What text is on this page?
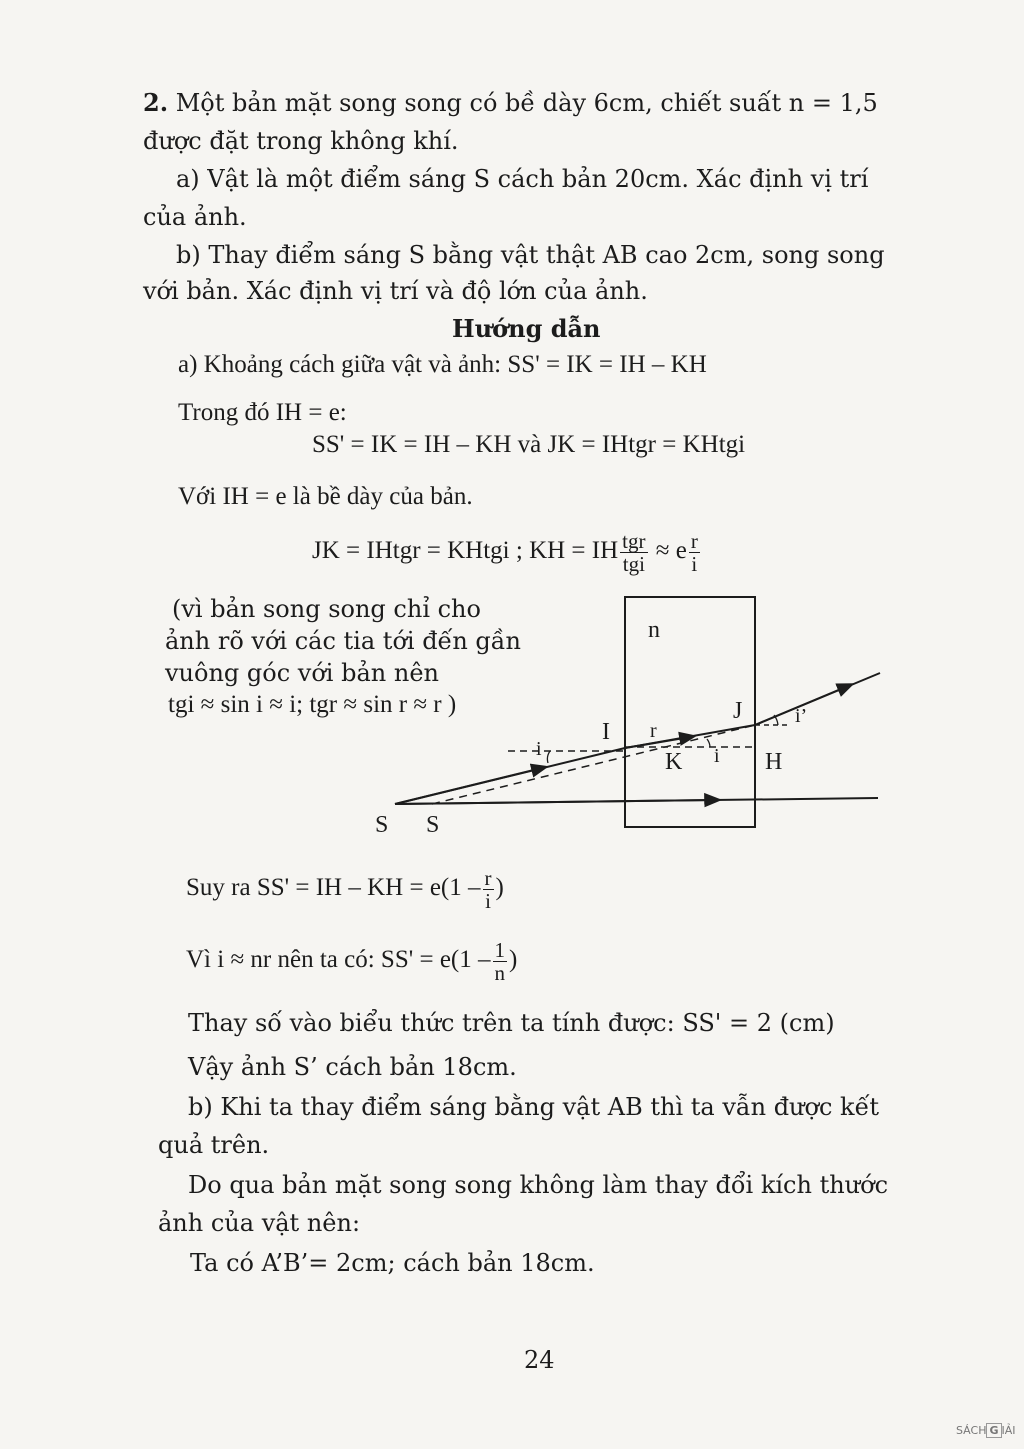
2. Một bản mặt song song có bề dày 6cm, chiết suất n = 1,5
được đặt trong không khí.
a) Vật là một điểm sáng S cách bản 20cm. Xác định vị trí
của ảnh.
b) Thay điểm sáng S bằng vật thật AB cao 2cm, song song
với bản. Xác định vị trí và độ lớn của ảnh.
Hướng dẫn
a) Khoảng cách giữa vật và ảnh: SS' = IK = IH – KH
Trong đó IH = e:
SS' = IK = IH – KH và JK = IHtgr = KHtgi
Với IH = e là bề dày của bản.
JK = IHtgr = KHtgi ; KH = IH $\frac{\text{tgr}}{\text{tgi}} \approx e \frac{r}{i}$
(vì bản song song chỉ cho
ảnh rõ với các tia tới đến gần
vuông góc với bản nên
tgi ≈ sin i ≈ i; tgr ≈ sin r ≈ r )
n
I r
J	i’
i	K i H
S S
Suy ra SS' = IH – KH = $e(1 - \frac{r}{i}$ )
Vì i ≈ nr nên ta có: $SS' = e(1 - \frac{1}{n}$ )
Thay số vào biểu thức trên ta tính được: SS' = 2 (cm)
Vậy ảnh S’ cách bản 18cm.
b) Khi ta thay điểm sáng bằng vật AB thì ta vẫn được kết
quả trên.
Do qua bản mặt song song không làm thay đổi kích thước
ảnh của vật nên:
Ta có A’B’= 2cm; cách bản 18cm.
24
SÁCH G IẢI
